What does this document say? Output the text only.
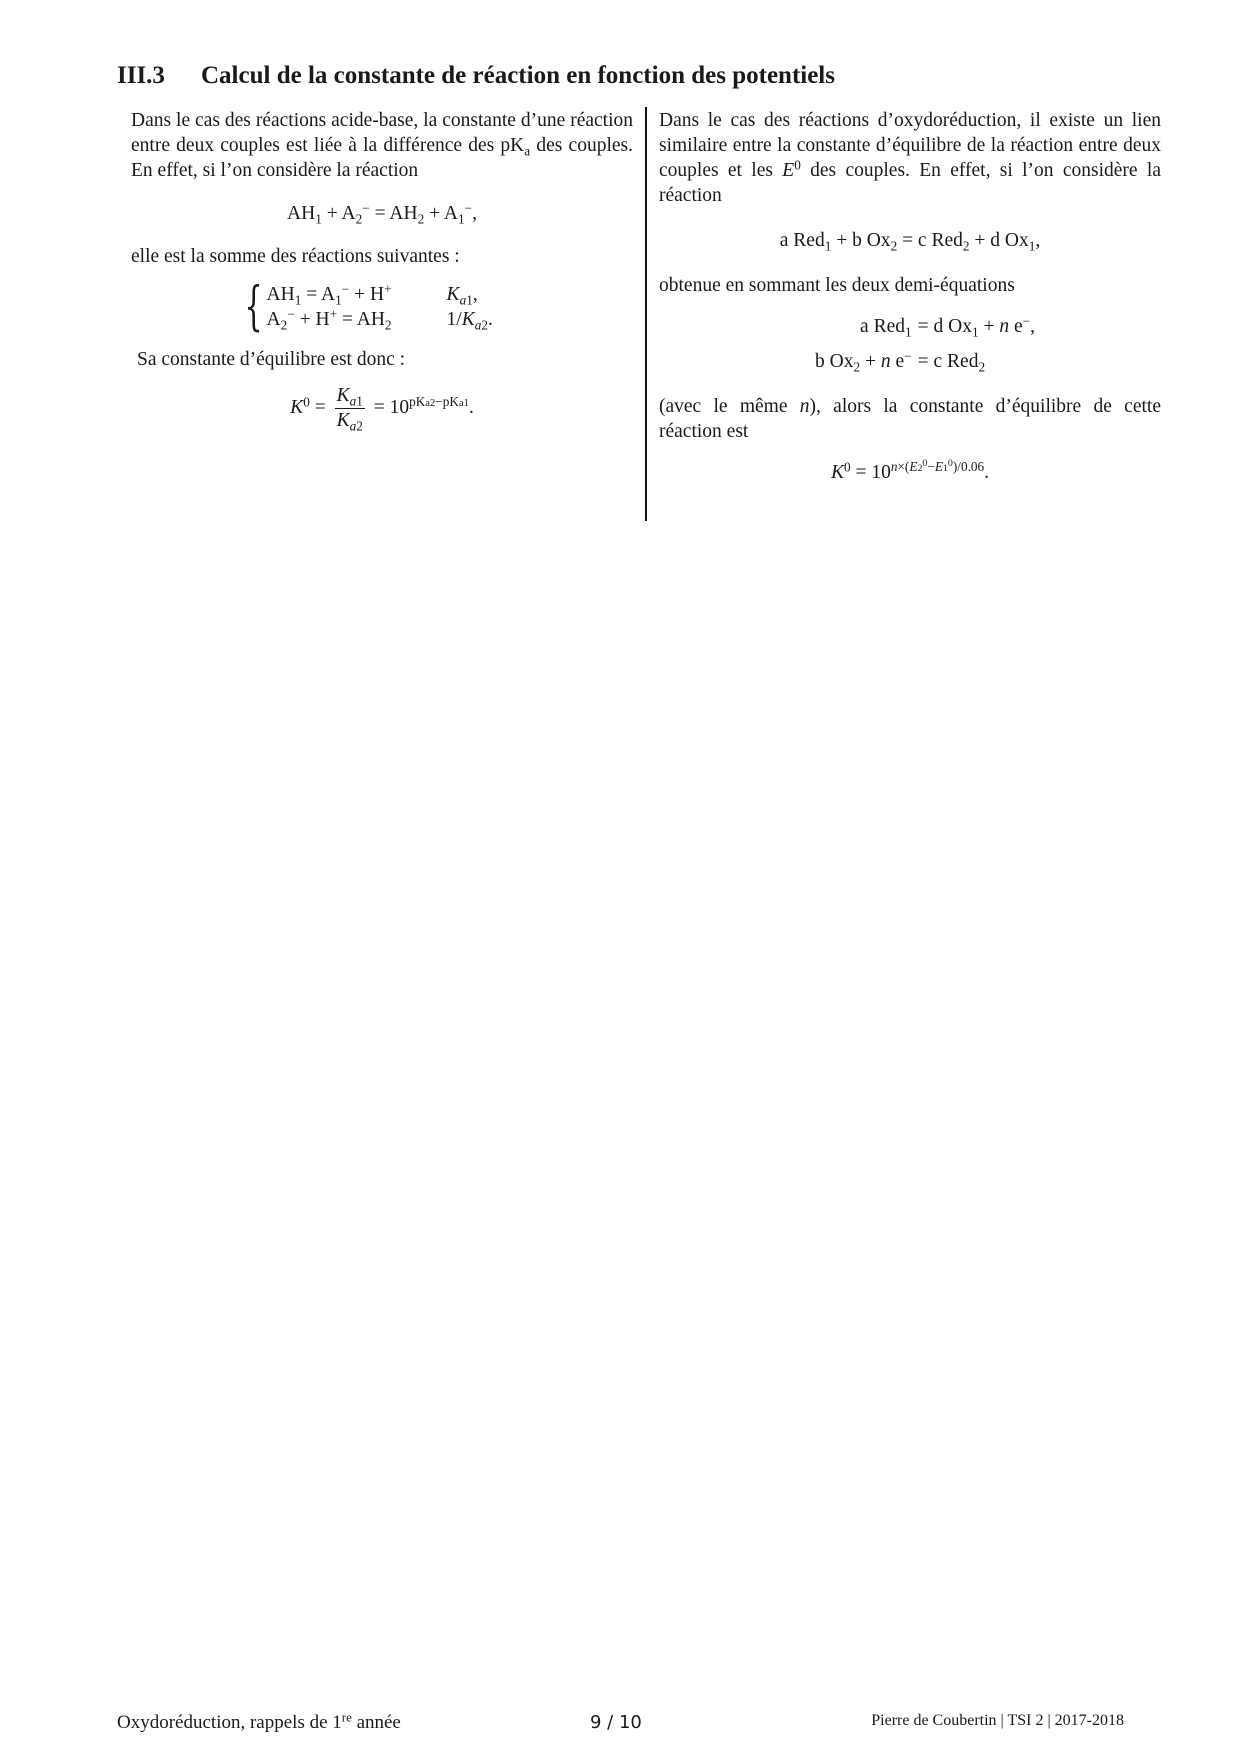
III.3 Calcul de la constante de réaction en fonction des potentiels

Dans le cas des réactions acide-base, la constante d’une réaction entre deux couples est liée à la différence des $pK_a$ des couples. En effet, si l’on considère la réaction

$AH_1 + A_2^- = AH_2 + A_1^-$,

elle est la somme des réactions suivantes :

{ $AH_1 = A_1^- + H^+$	$K_{a1}$,
$A_2^- + H^+ = AH_2$	$1/K_{a2}$.

Sa constante d’équilibre est donc :

$K^0 = \frac{K_{a1}}{K_{a2}} = 10^{pKa2-pKa1}$.

Dans le cas des réactions d’oxydoréduction, il existe un lien similaire entre la constante d’équilibre de la réaction entre deux couples et les $E^0$ des couples. En effet, si l’on considère la réaction

a Red$_1$ + b $Ox_2 = c$ Red$_2$ + d $Ox_1$,

obtenue en sommant les deux demi-équations

a Red$_1$ = d $Ox_1 + n$ e−,
b $Ox_2 + n$ e− = c Red$_2$

(avec le même n), alors la constante d’équilibre de cette réaction est

$K^0 = 10^{n\times(E2^0-E1^0)/0.06}$.
Oxydoréduction, rappels de 1re année	9 / 10	Pierre de Coubertin | TSI 2 | 2017-2018
